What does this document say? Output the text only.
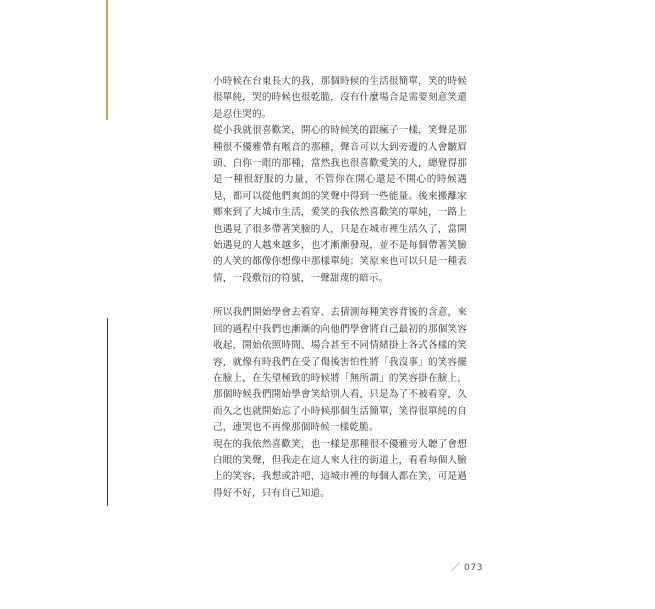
小時候在台東長大的我，那個時候的生活很簡單，笑的時候很單純，哭的時候也很乾脆，沒有什麼場合是需要刻意笑還是忍住哭的。

從小我就很喜歡笑，開心的時候笑的跟瘋子一樣，笑聲是那種很不優雅帶有喉音的那種，聲音可以大到旁邊的人會皺眉頭、白你一眼的那種，當然我也很喜歡愛笑的人，總覺得那是一種很舒服的力量，不管你在開心還是不開心的時候遇見，都可以從他們爽朗的笑聲中得到一些能量。後來搬離家鄉來到了大城市生活，愛笑的我依然喜歡笑的單純，一路上也遇見了很多帶著笑臉的人，只是在城市裡生活久了，當開始遇見的人越來越多，也才漸漸發現，並不是每個帶著笑臉的人笑的都像你想像中那樣單純；笑原來也可以只是一種表情，一段敷衍的符號，一聲甜蔑的暗示。

所以我們開始學會去看穿、去猜測每種笑容背後的含意，來回的過程中我們也漸漸的向他們學會將自己最初的那個笑容收起，開始依照時間、場合甚至不同情緒掛上各式各樣的笑容，就像有時我們在受了傷後害怕性將「我沒事」的笑容擺在臉上，在失望極致的時候將「無所謂」的笑容掛在臉上，那個時候我們開始學會笑給別人看，只是為了不被看穿，久而久之也就開始忘了小時候那個生活簡單，笑得很單純的自己，連哭也不再像那個時候一樣乾脆。

現在的我依然喜歡笑，也一樣是那種很不優雅旁人聽了會想白眼的笑聲，但我走在這人來人往的街道上，看看每個人臉上的笑容，我想或許吧，這城市裡的每個人都在笑，可是過得好不好，只有自己知道。

／ 073
